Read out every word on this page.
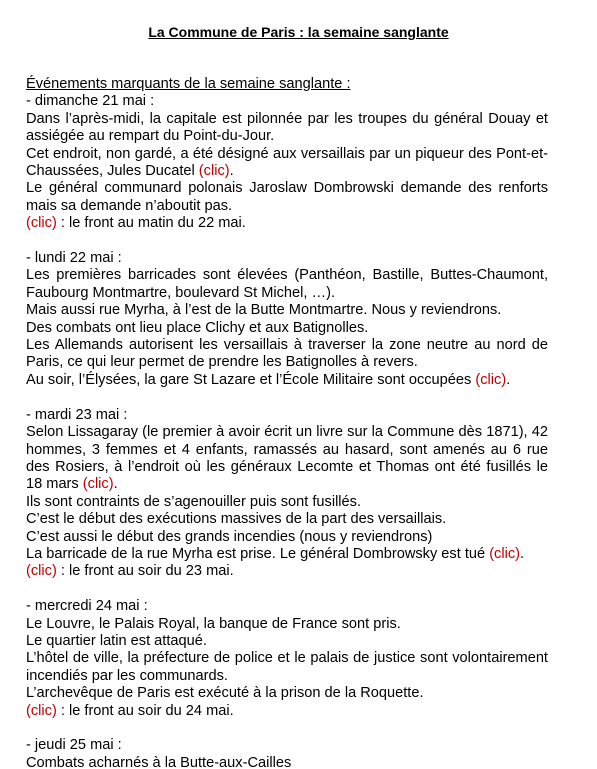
La Commune de Paris : la semaine sanglante

Événements marquants de la semaine sanglante :

- dimanche 21 mai :

Dans l’après-midi, la capitale est pilonnée par les troupes du général Douay et assiégée au rempart du Point-du-Jour.

Cet endroit, non gardé, a été désigné aux versaillais par un piqueur des Pont-et-Chaussées, Jules Ducatel (clic).

Le général communard polonais Jaroslaw Dombrowski demande des renforts mais sa demande n’aboutit pas.

(clic) : le front au matin du 22 mai.

- lundi 22 mai :

Les premières barricades sont élevées (Panthéon, Bastille, Buttes-Chaumont, Faubourg Montmartre, boulevard St Michel, …).

Mais aussi rue Myrha, à l’est de la Butte Montmartre. Nous y reviendrons.

Des combats ont lieu place Clichy et aux Batignolles.

Les Allemands autorisent les versaillais à traverser la zone neutre au nord de Paris, ce qui leur permet de prendre les Batignolles à revers.

Au soir, l’Élysées, la gare St Lazare et l’École Militaire sont occupées (clic).

- mardi 23 mai :

Selon Lissagaray (le premier à avoir écrit un livre sur la Commune dès 1871), 42 hommes, 3 femmes et 4 enfants, ramassés au hasard, sont amenés au 6 rue des Rosiers, à l’endroit où les généraux Lecomte et Thomas ont été fusillés le 18 mars (clic).

Ils sont contraints de s’agenouiller puis sont fusillés.

C’est le début des exécutions massives de la part des versaillais.

C’est aussi le début des grands incendies (nous y reviendrons)

La barricade de la rue Myrha est prise. Le général Dombrowsky est tué (clic).

(clic) : le front au soir du 23 mai.

- mercredi 24 mai :

Le Louvre, le Palais Royal, la banque de France sont pris.

Le quartier latin est attaqué.

L’hôtel de ville, la préfecture de police et le palais de justice sont volontairement incendiés par les communards.

L’archevêque de Paris est exécuté à la prison de la Roquette.

(clic) : le front au soir du 24 mai.

- jeudi 25 mai :

Combats acharnés à la Butte-aux-Cailles
